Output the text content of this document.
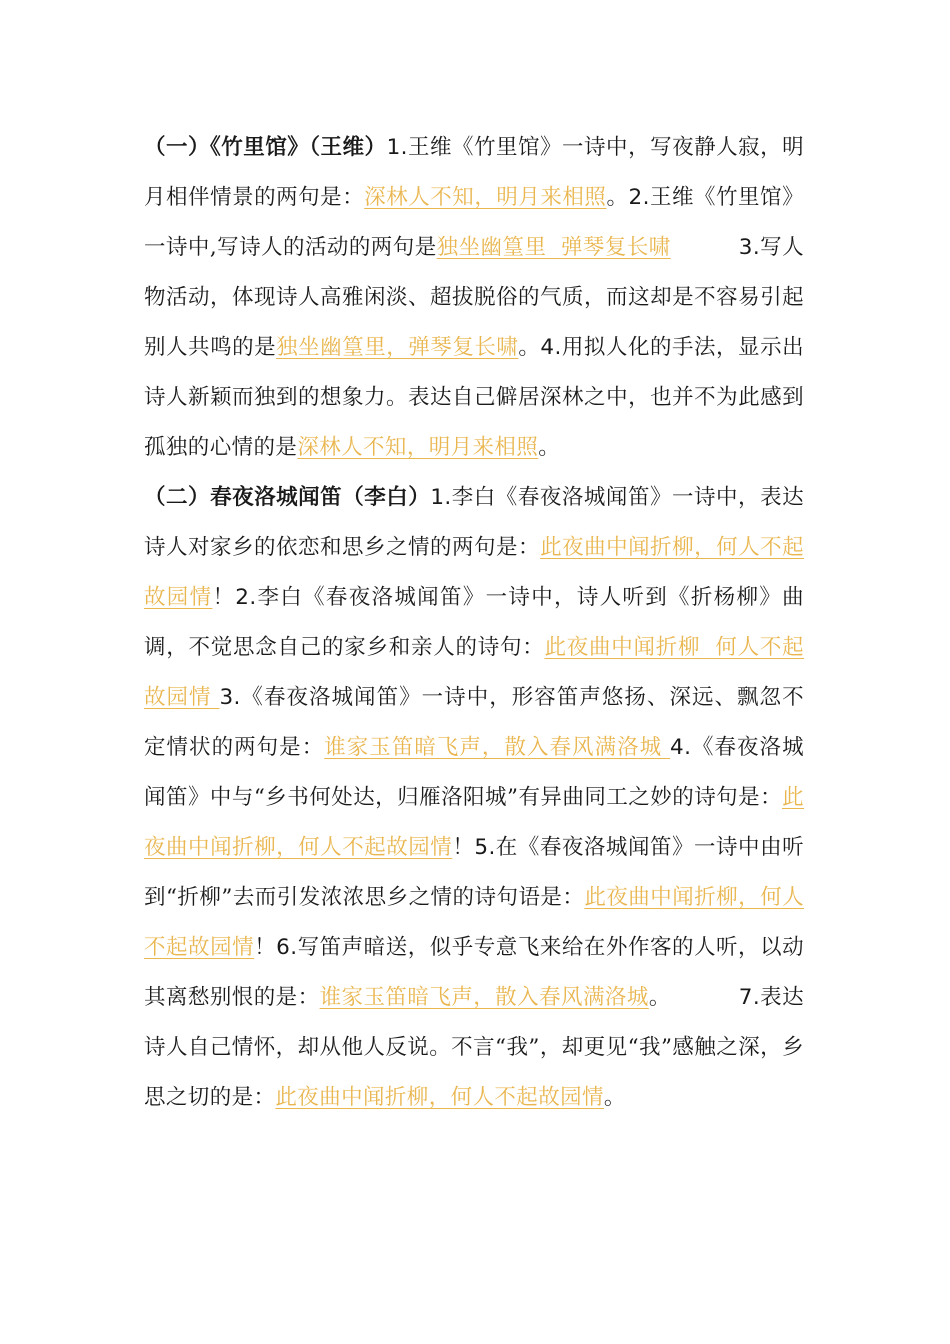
（一）《竹里馆》（王维）1.王维《竹里馆》一诗中，写夜静人寂，明月相伴情景的两句是：深林人不知，明月来相照。2.王维《竹里馆》一诗中,写诗人的活动的两句是独坐幽篁里  弹琴复长啸	3.写人物活动，体现诗人高雅闲淡、超拔脱俗的气质，而这却是不容易引起别人共鸣的是独坐幽篁里，弹琴复长啸。4.用拟人化的手法，显示出诗人新颖而独到的想象力。表达自己僻居深林之中，也并不为此感到孤独的心情的是深林人不知，明月来相照。

（二）春夜洛城闻笛（李白）1.李白《春夜洛城闻笛》一诗中，表达诗人对家乡的依恋和思乡之情的两句是：此夜曲中闻折柳，何人不起故园情！2.李白《春夜洛城闻笛》一诗中，诗人听到《折杨柳》曲调，不觉思念自己的家乡和亲人的诗句：此夜曲中闻折柳  何人不起故园情 3.《春夜洛城闻笛》一诗中，形容笛声悠扬、深远、飘忽不定情状的两句是：谁家玉笛暗飞声，散入春风满洛城 4.《春夜洛城闻笛》中与“乡书何处达，归雁洛阳城”有异曲同工之妙的诗句是：此夜曲中闻折柳，何人不起故园情！5.在《春夜洛城闻笛》一诗中由听到“折柳”去而引发浓浓思乡之情的诗句语是：此夜曲中闻折柳，何人不起故园情！6.写笛声暗送，似乎专意飞来给在外作客的人听，以动其离愁别恨的是：谁家玉笛暗飞声，散入春风满洛城。	7.表达诗人自己情怀，却从他人反说。不言“我”，却更见“我”感触之深，乡思之切的是：此夜曲中闻折柳，何人不起故园情。
